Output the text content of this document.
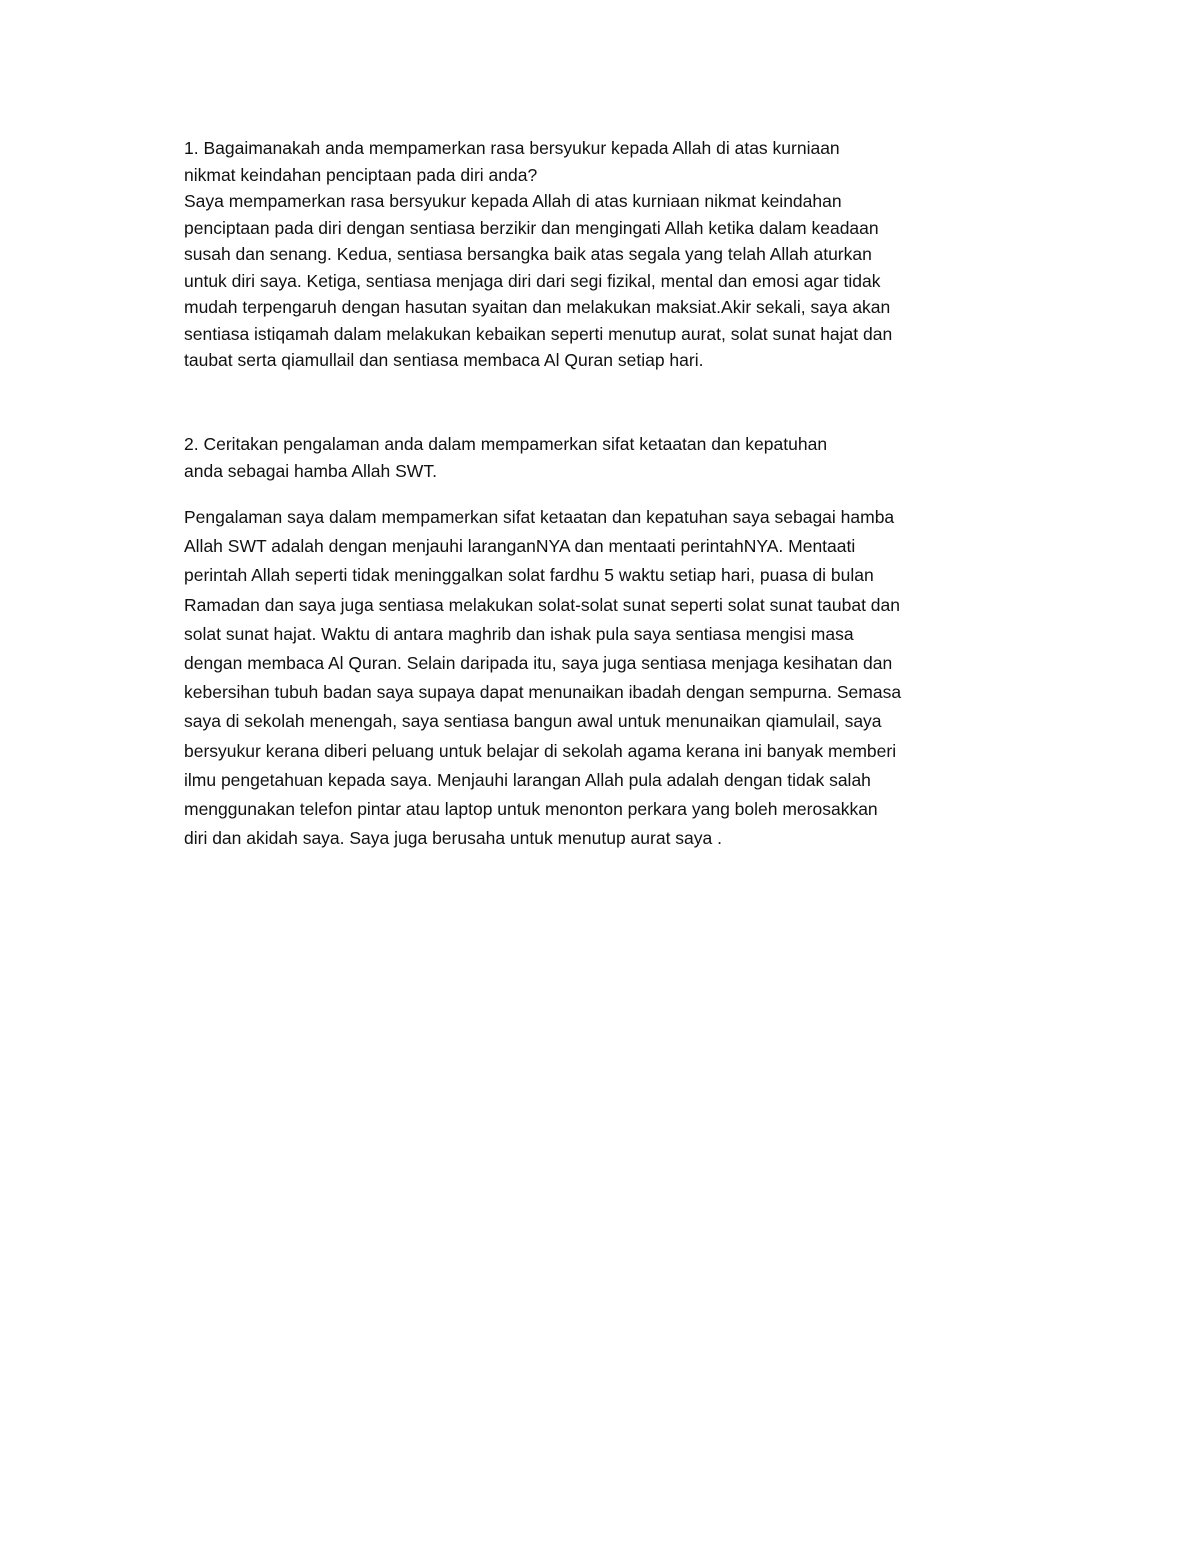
1. Bagaimanakah anda mempamerkan rasa bersyukur kepada Allah di atas kurniaan
nikmat keindahan penciptaan pada diri anda?
Saya mempamerkan rasa bersyukur kepada Allah di atas kurniaan nikmat keindahan
penciptaan pada diri dengan sentiasa berzikir dan mengingati Allah ketika dalam keadaan
susah dan senang. Kedua, sentiasa bersangka baik atas segala yang telah Allah aturkan
untuk diri saya. Ketiga, sentiasa menjaga diri dari segi fizikal, mental dan emosi agar tidak
mudah terpengaruh dengan hasutan syaitan dan melakukan maksiat.Akir sekali, saya akan
sentiasa istiqamah dalam melakukan kebaikan seperti menutup aurat, solat sunat hajat dan
taubat serta qiamullail dan sentiasa membaca Al Quran setiap hari.
2. Ceritakan pengalaman anda dalam mempamerkan sifat ketaatan dan kepatuhan
anda sebagai hamba Allah SWT.
Pengalaman saya dalam mempamerkan sifat ketaatan dan kepatuhan saya sebagai hamba
Allah SWT adalah dengan menjauhi laranganNYA dan mentaati perintahNYA. Mentaati
perintah Allah seperti tidak meninggalkan solat fardhu 5 waktu setiap hari, puasa di bulan
Ramadan dan saya juga sentiasa melakukan solat-solat sunat seperti solat sunat taubat dan
solat sunat hajat. Waktu di antara maghrib dan ishak pula saya sentiasa mengisi masa
dengan membaca Al Quran. Selain daripada itu, saya juga sentiasa menjaga kesihatan dan
kebersihan tubuh badan saya supaya dapat menunaikan ibadah dengan sempurna. Semasa
saya di sekolah menengah, saya sentiasa bangun awal untuk menunaikan qiamulail, saya
bersyukur kerana diberi peluang untuk belajar di sekolah agama kerana ini banyak memberi
ilmu pengetahuan kepada saya. Menjauhi larangan Allah pula adalah dengan tidak salah
menggunakan telefon pintar atau laptop untuk menonton perkara yang boleh merosakkan
diri dan akidah saya. Saya juga berusaha untuk menutup aurat saya .
